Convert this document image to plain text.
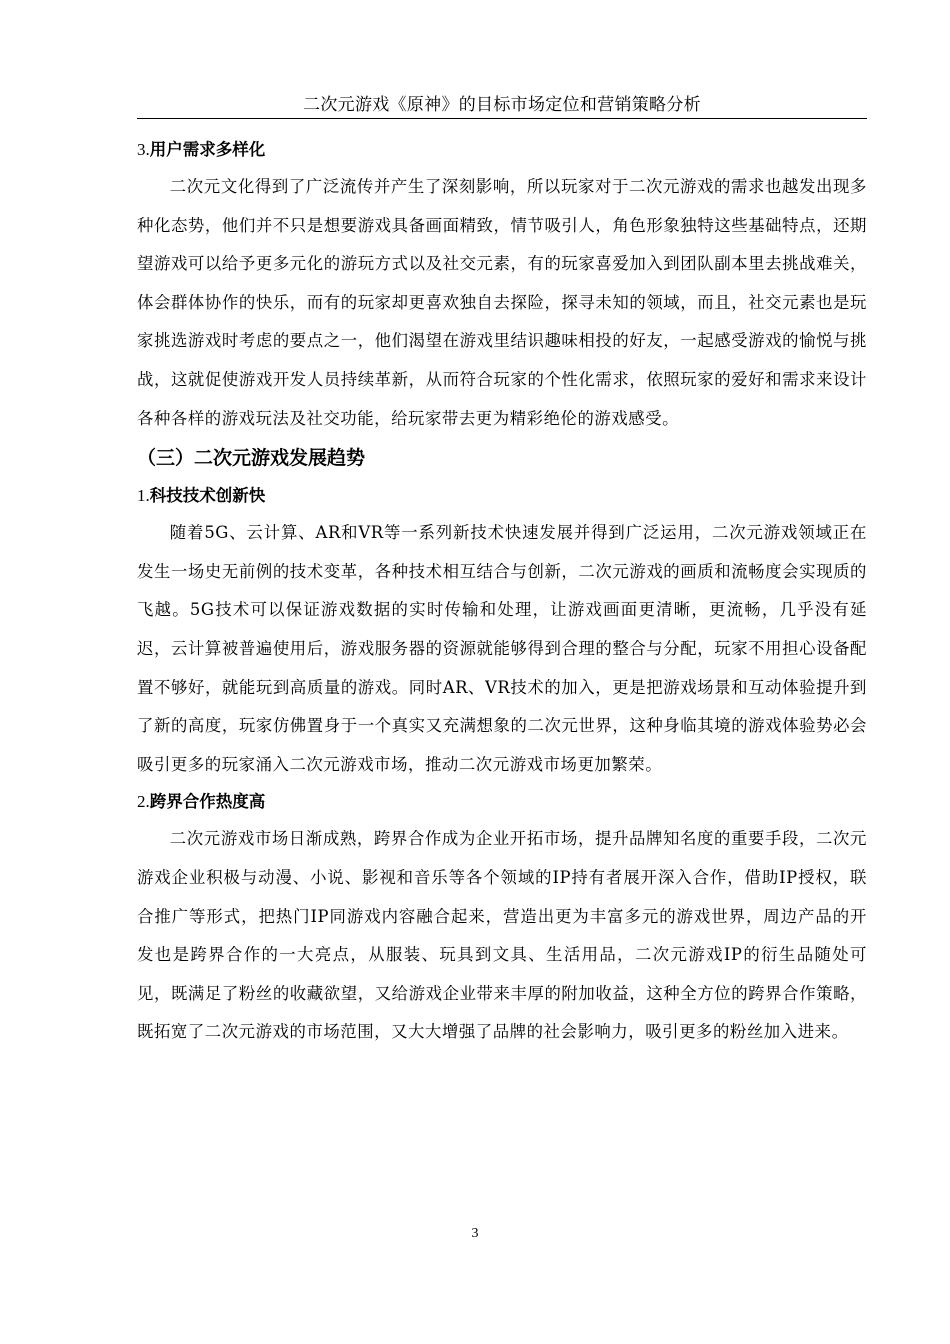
二次元游戏《原神》的目标市场定位和营销策略分析
3.用户需求多样化

二次元文化得到了广泛流传并产生了深刻影响，所以玩家对于二次元游戏的需求也越发出现多种化态势，他们并不只是想要游戏具备画面精致，情节吸引人，角色形象独特这些基础特点，还期望游戏可以给予更多元化的游玩方式以及社交元素，有的玩家喜爱加入到团队副本里去挑战难关，体会群体协作的快乐，而有的玩家却更喜欢独自去探险，探寻未知的领域，而且，社交元素也是玩家挑选游戏时考虑的要点之一，他们渴望在游戏里结识趣味相投的好友，一起感受游戏的愉悦与挑战，这就促使游戏开发人员持续革新，从而符合玩家的个性化需求，依照玩家的爱好和需求来设计各种各样的游戏玩法及社交功能，给玩家带去更为精彩绝伦的游戏感受。

（三）二次元游戏发展趋势
1.科技技术创新快

随着5G、云计算、AR和VR等一系列新技术快速发展并得到广泛运用，二次元游戏领域正在发生一场史无前例的技术变革，各种技术相互结合与创新，二次元游戏的画质和流畅度会实现质的飞越。5G技术可以保证游戏数据的实时传输和处理，让游戏画面更清晰，更流畅，几乎没有延迟，云计算被普遍使用后，游戏服务器的资源就能够得到合理的整合与分配，玩家不用担心设备配置不够好，就能玩到高质量的游戏。同时AR、VR技术的加入，更是把游戏场景和互动体验提升到了新的高度，玩家仿佛置身于一个真实又充满想象的二次元世界，这种身临其境的游戏体验势必会吸引更多的玩家涌入二次元游戏市场，推动二次元游戏市场更加繁荣。

2.跨界合作热度高

二次元游戏市场日渐成熟，跨界合作成为企业开拓市场，提升品牌知名度的重要手段，二次元游戏企业积极与动漫、小说、影视和音乐等各个领域的IP持有者展开深入合作，借助IP授权，联合推广等形式，把热门IP同游戏内容融合起来，营造出更为丰富多元的游戏世界，周边产品的开发也是跨界合作的一大亮点，从服装、玩具到文具、生活用品，二次元游戏IP的衍生品随处可见，既满足了粉丝的收藏欲望，又给游戏企业带来丰厚的附加收益，这种全方位的跨界合作策略，既拓宽了二次元游戏的市场范围，又大大增强了品牌的社会影响力，吸引更多的粉丝加入进来。

3
